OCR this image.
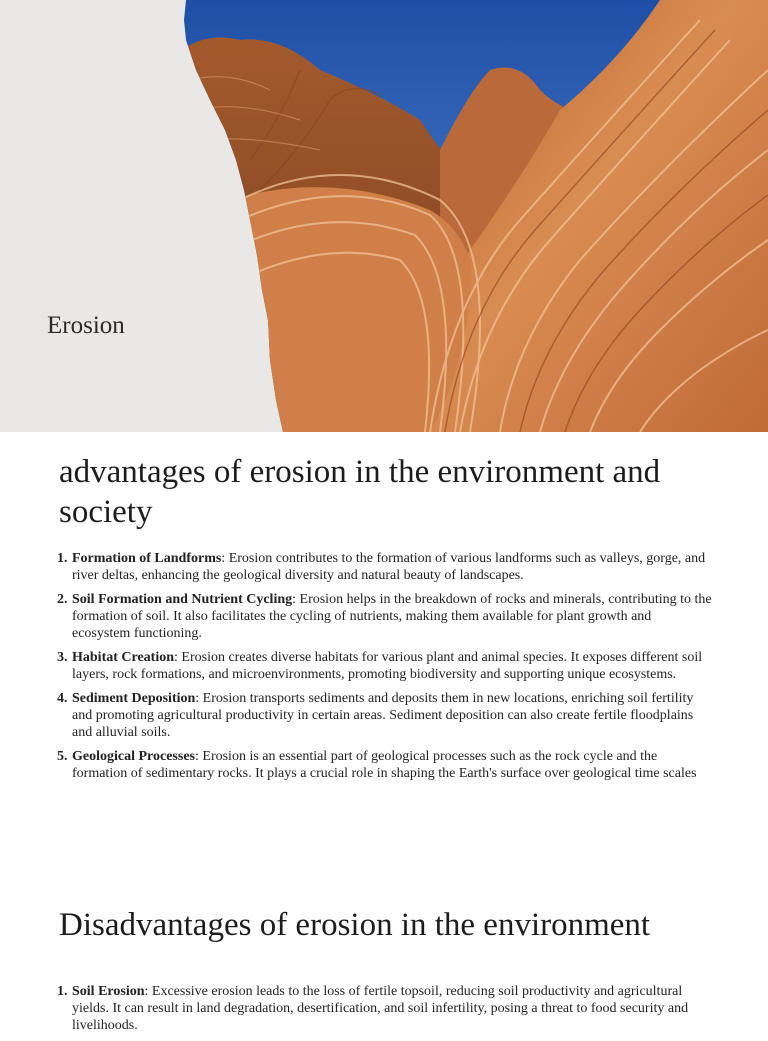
Erosion
advantages of erosion in the environment and society
1. Formation of Landforms: Erosion contributes to the formation of various landforms such as valleys, gorge, and river deltas, enhancing the geological diversity and natural beauty of landscapes.
2. Soil Formation and Nutrient Cycling: Erosion helps in the breakdown of rocks and minerals, contributing to the formation of soil. It also facilitates the cycling of nutrients, making them available for plant growth and ecosystem functioning.
3. Habitat Creation: Erosion creates diverse habitats for various plant and animal species. It exposes different soil layers, rock formations, and microenvironments, promoting biodiversity and supporting unique ecosystems.
4. Sediment Deposition: Erosion transports sediments and deposits them in new locations, enriching soil fertility and promoting agricultural productivity in certain areas. Sediment deposition can also create fertile floodplains and alluvial soils.
5. Geological Processes: Erosion is an essential part of geological processes such as the rock cycle and the formation of sedimentary rocks. It plays a crucial role in shaping the Earth's surface over geological time scales
Disadvantages of erosion in the environment
1. Soil Erosion: Excessive erosion leads to the loss of fertile topsoil, reducing soil productivity and agricultural yields. It can result in land degradation, desertification, and soil infertility, posing a threat to food security and livelihoods.
